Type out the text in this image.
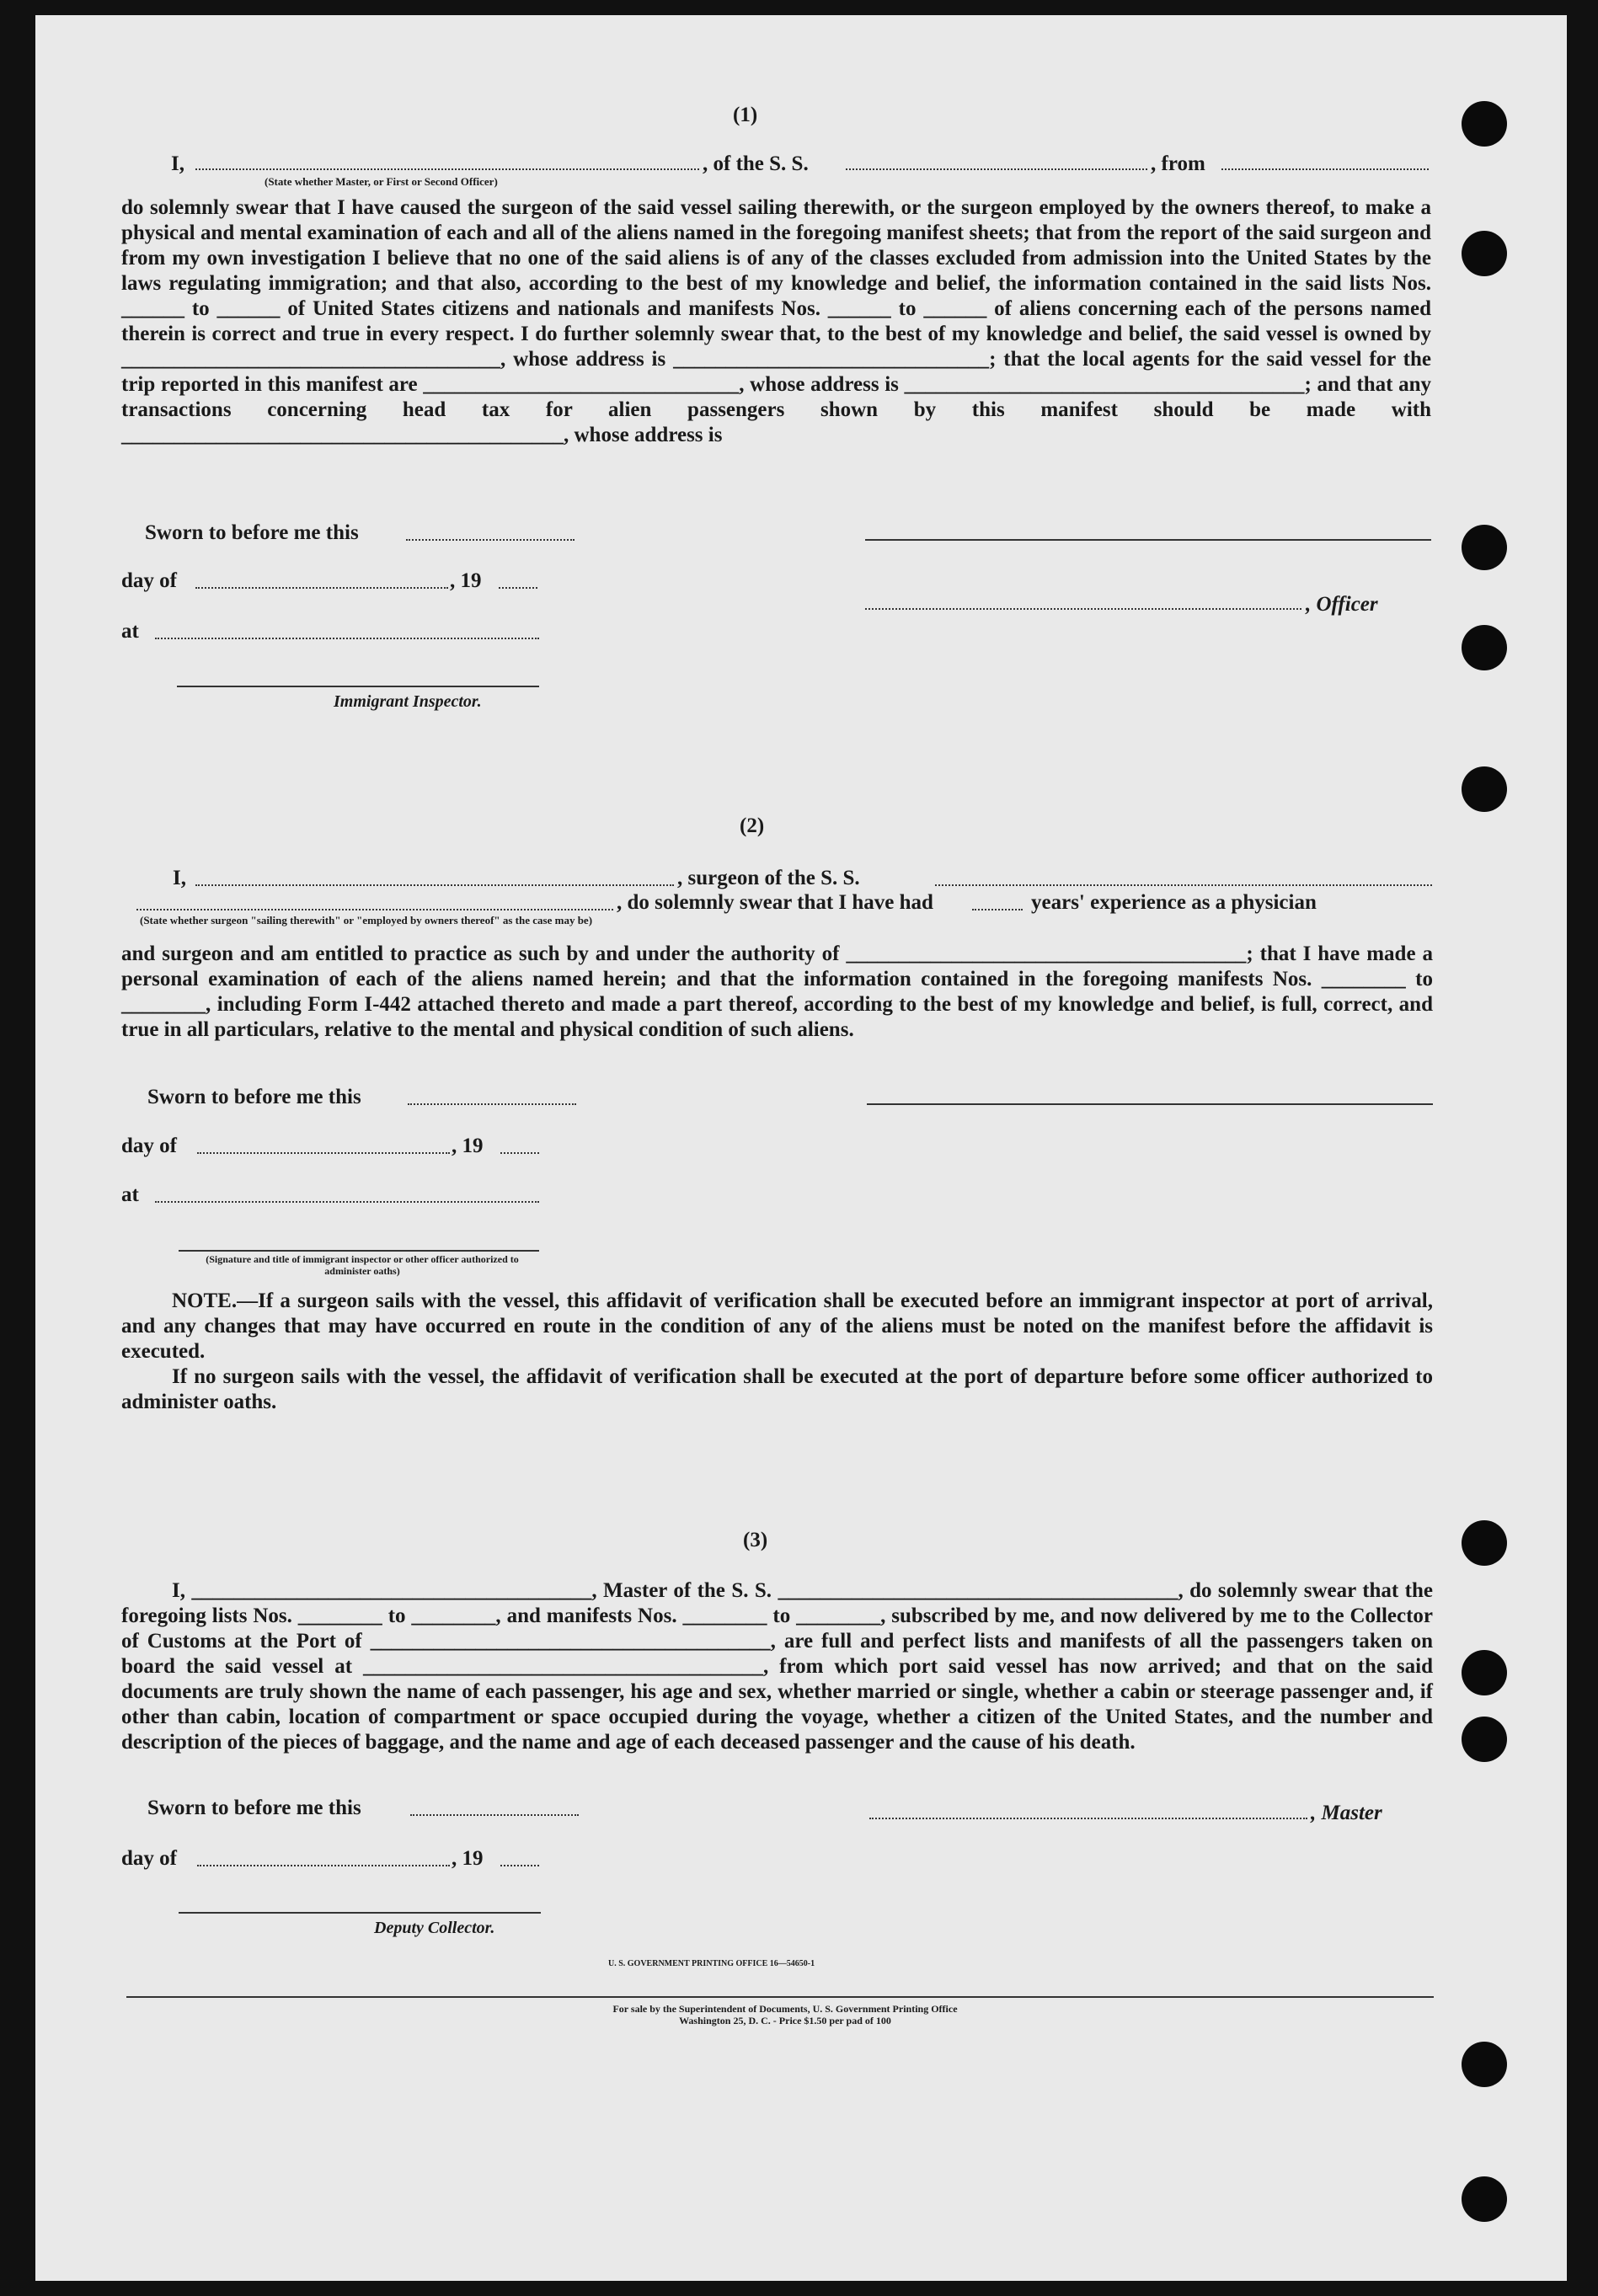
(1)
I,	, of the S. S.	, from
(State whether Master, or First or Second Officer)
do solemnly swear that I have caused the surgeon of the said vessel sailing therewith, or the surgeon employed by the owners thereof, to make a physical and mental examination of each and all of the aliens named in the foregoing manifest sheets; that from the report of the said surgeon and from my own investigation I believe that no one of the said aliens is of any of the classes excluded from admission into the United States by the laws regulating immigration; and that also, according to the best of my knowledge and belief, the information contained in the said lists Nos. ______ to ______ of United States citizens and nationals and manifests Nos. ______ to ______ of aliens concerning each of the persons named therein is correct and true in every respect. I do further solemnly swear that, to the best of my knowledge and belief, the said vessel is owned by ____________________________________, whose address is ______________________________; that the local agents for the said vessel for the trip reported in this manifest are ______________________________, whose address is ______________________________________; and that any transactions concerning head tax for alien passengers shown by this manifest should be made with __________________________________________, whose address is
Sworn to before me this
day of	, 19
, Officer
at
Immigrant Inspector.
(2)
I,	, surgeon of the S. S.
, do solemnly swear that I have had	years' experience as a physician
(State whether surgeon "sailing therewith" or "employed by owners thereof" as the case may be)
and surgeon and am entitled to practice as such by and under the authority of ______________________________________; that I have made a personal examination of each of the aliens named herein; and that the information contained in the foregoing manifests Nos. ________ to ________, including Form I-442 attached thereto and made a part thereof, according to the best of my knowledge and belief, is full, correct, and true in all particulars, relative to the mental and physical condition of such aliens.
Sworn to before me this
day of	, 19
at
(Signature and title of immigrant inspector or other officer authorized to administer oaths)
NOTE.—If a surgeon sails with the vessel, this affidavit of verification shall be executed before an immigrant inspector at port of arrival, and any changes that may have occurred en route in the condition of any of the aliens must be noted on the manifest before the affidavit is executed.
If no surgeon sails with the vessel, the affidavit of verification shall be executed at the port of departure before some officer authorized to administer oaths.
(3)
I, ______________________________________, Master of the S. S. ______________________________________, do solemnly swear that the foregoing lists Nos. ________ to ________, and manifests Nos. ________ to ________, subscribed by me, and now delivered by me to the Collector of Customs at the Port of ______________________________________, are full and perfect lists and manifests of all the passengers taken on board the said vessel at ______________________________________, from which port said vessel has now arrived; and that on the said documents are truly shown the name of each passenger, his age and sex, whether married or single, whether a cabin or steerage passenger and, if other than cabin, location of compartment or space occupied during the voyage, whether a citizen of the United States, and the number and description of the pieces of baggage, and the name and age of each deceased passenger and the cause of his death.
Sworn to before me this	, Master
day of	, 19
Deputy Collector.
U. S. GOVERNMENT PRINTING OFFICE 16—54650-1
For sale by the Superintendent of Documents, U. S. Government Printing Office
Washington 25, D. C. - Price $1.50 per pad of 100
